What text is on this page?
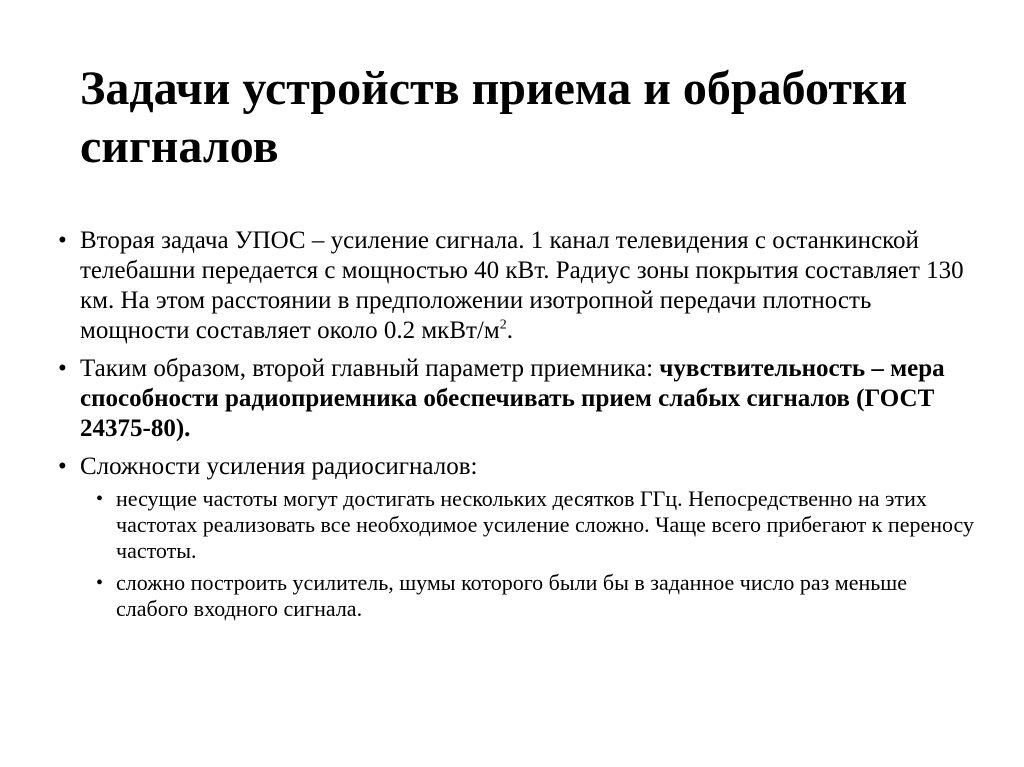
Задачи устройств приема и обработки сигналов
• Вторая задача УПОС – усиление сигнала. 1 канал телевидения с останкинской телебашни передается с мощностью 40 кВт. Радиус зоны покрытия составляет 130 км. На этом расстоянии в предположении изотропной передачи плотность мощности составляет около 0.2 мкВт/$м^2$.
• Таким образом, второй главный параметр приемника: чувствительность – мера способности радиоприемника обеспечивать прием слабых сигналов (ГОСТ 24375-80).
• Сложности усиления радиосигналов:
• несущие частоты могут достигать нескольких десятков ГГц. Непосредственно на этих частотах реализовать все необходимое усиление сложно. Чаще всего прибегают к переносу частоты.
• сложно построить усилитель, шумы которого были бы в заданное число раз меньше слабого входного сигнала.
